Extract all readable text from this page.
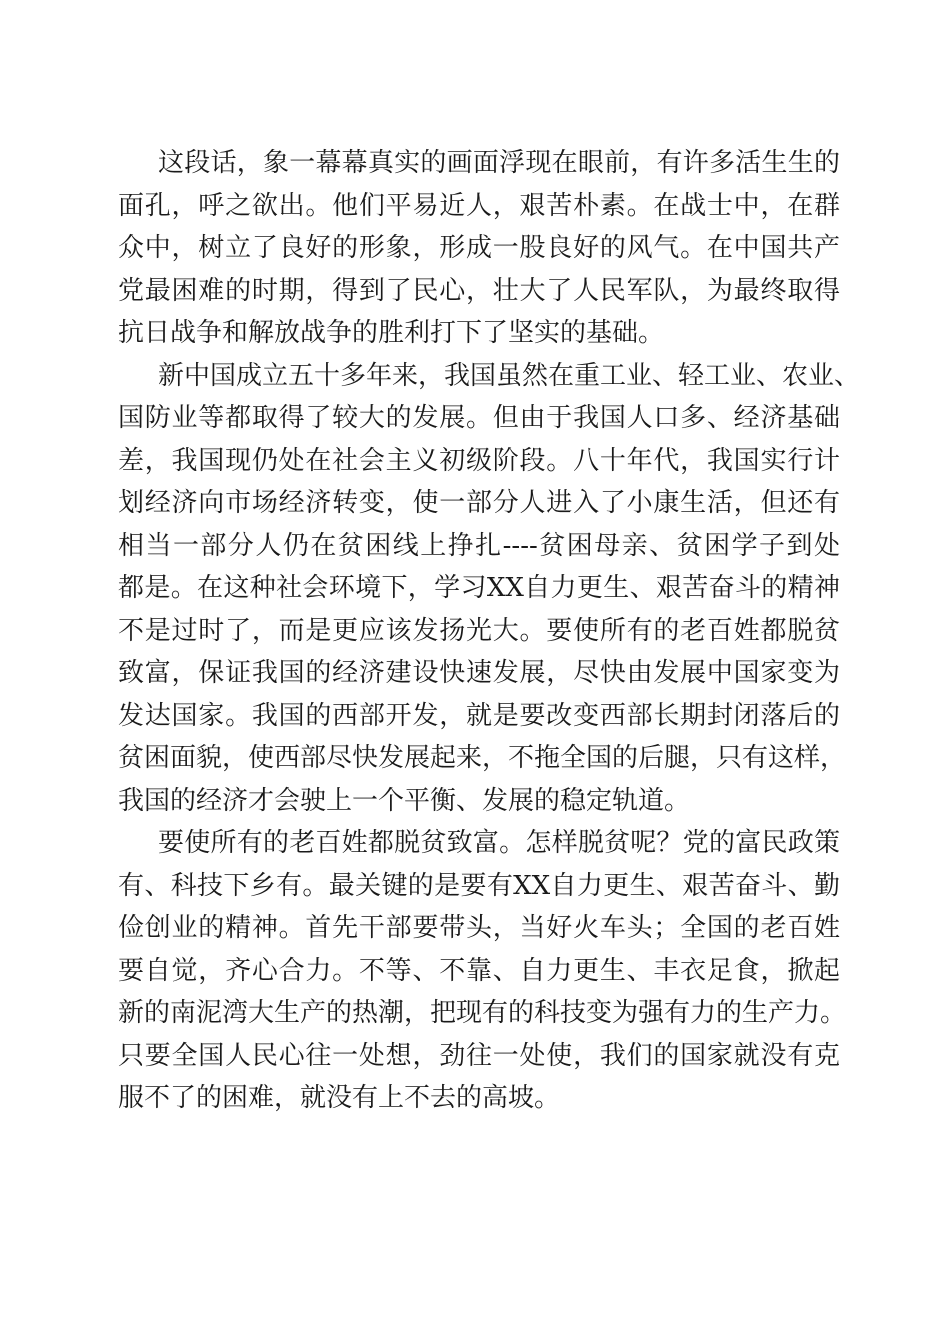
这段话，象一幕幕真实的画面浮现在眼前，有许多活生生的
面孔，呼之欲出。他们平易近人，艰苦朴素。在战士中，在群
众中，树立了良好的形象，形成一股良好的风气。在中国共产
党最困难的时期，得到了民心，壮大了人民军队，为最终取得
抗日战争和解放战争的胜利打下了坚实的基础。
新中国成立五十多年来，我国虽然在重工业、轻工业、农业、
国防业等都取得了较大的发展。但由于我国人口多、经济基础
差，我国现仍处在社会主义初级阶段。八十年代，我国实行计
划经济向市场经济转变，使一部分人进入了小康生活，但还有
相当一部分人仍在贫困线上挣扎----贫困母亲、贫困学子到处
都是。在这种社会环境下，学习XX自力更生、艰苦奋斗的精神
不是过时了，而是更应该发扬光大。要使所有的老百姓都脱贫
致富，保证我国的经济建设快速发展，尽快由发展中国家变为
发达国家。我国的西部开发，就是要改变西部长期封闭落后的
贫困面貌，使西部尽快发展起来，不拖全国的后腿，只有这样，
我国的经济才会驶上一个平衡、发展的稳定轨道。
要使所有的老百姓都脱贫致富。怎样脱贫呢？党的富民政策
有、科技下乡有。最关键的是要有XX自力更生、艰苦奋斗、勤
俭创业的精神。首先干部要带头，当好火车头；全国的老百姓
要自觉，齐心合力。不等、不靠、自力更生、丰衣足食，掀起
新的南泥湾大生产的热潮，把现有的科技变为强有力的生产力。
只要全国人民心往一处想，劲往一处使，我们的国家就没有克
服不了的困难，就没有上不去的高坡。
